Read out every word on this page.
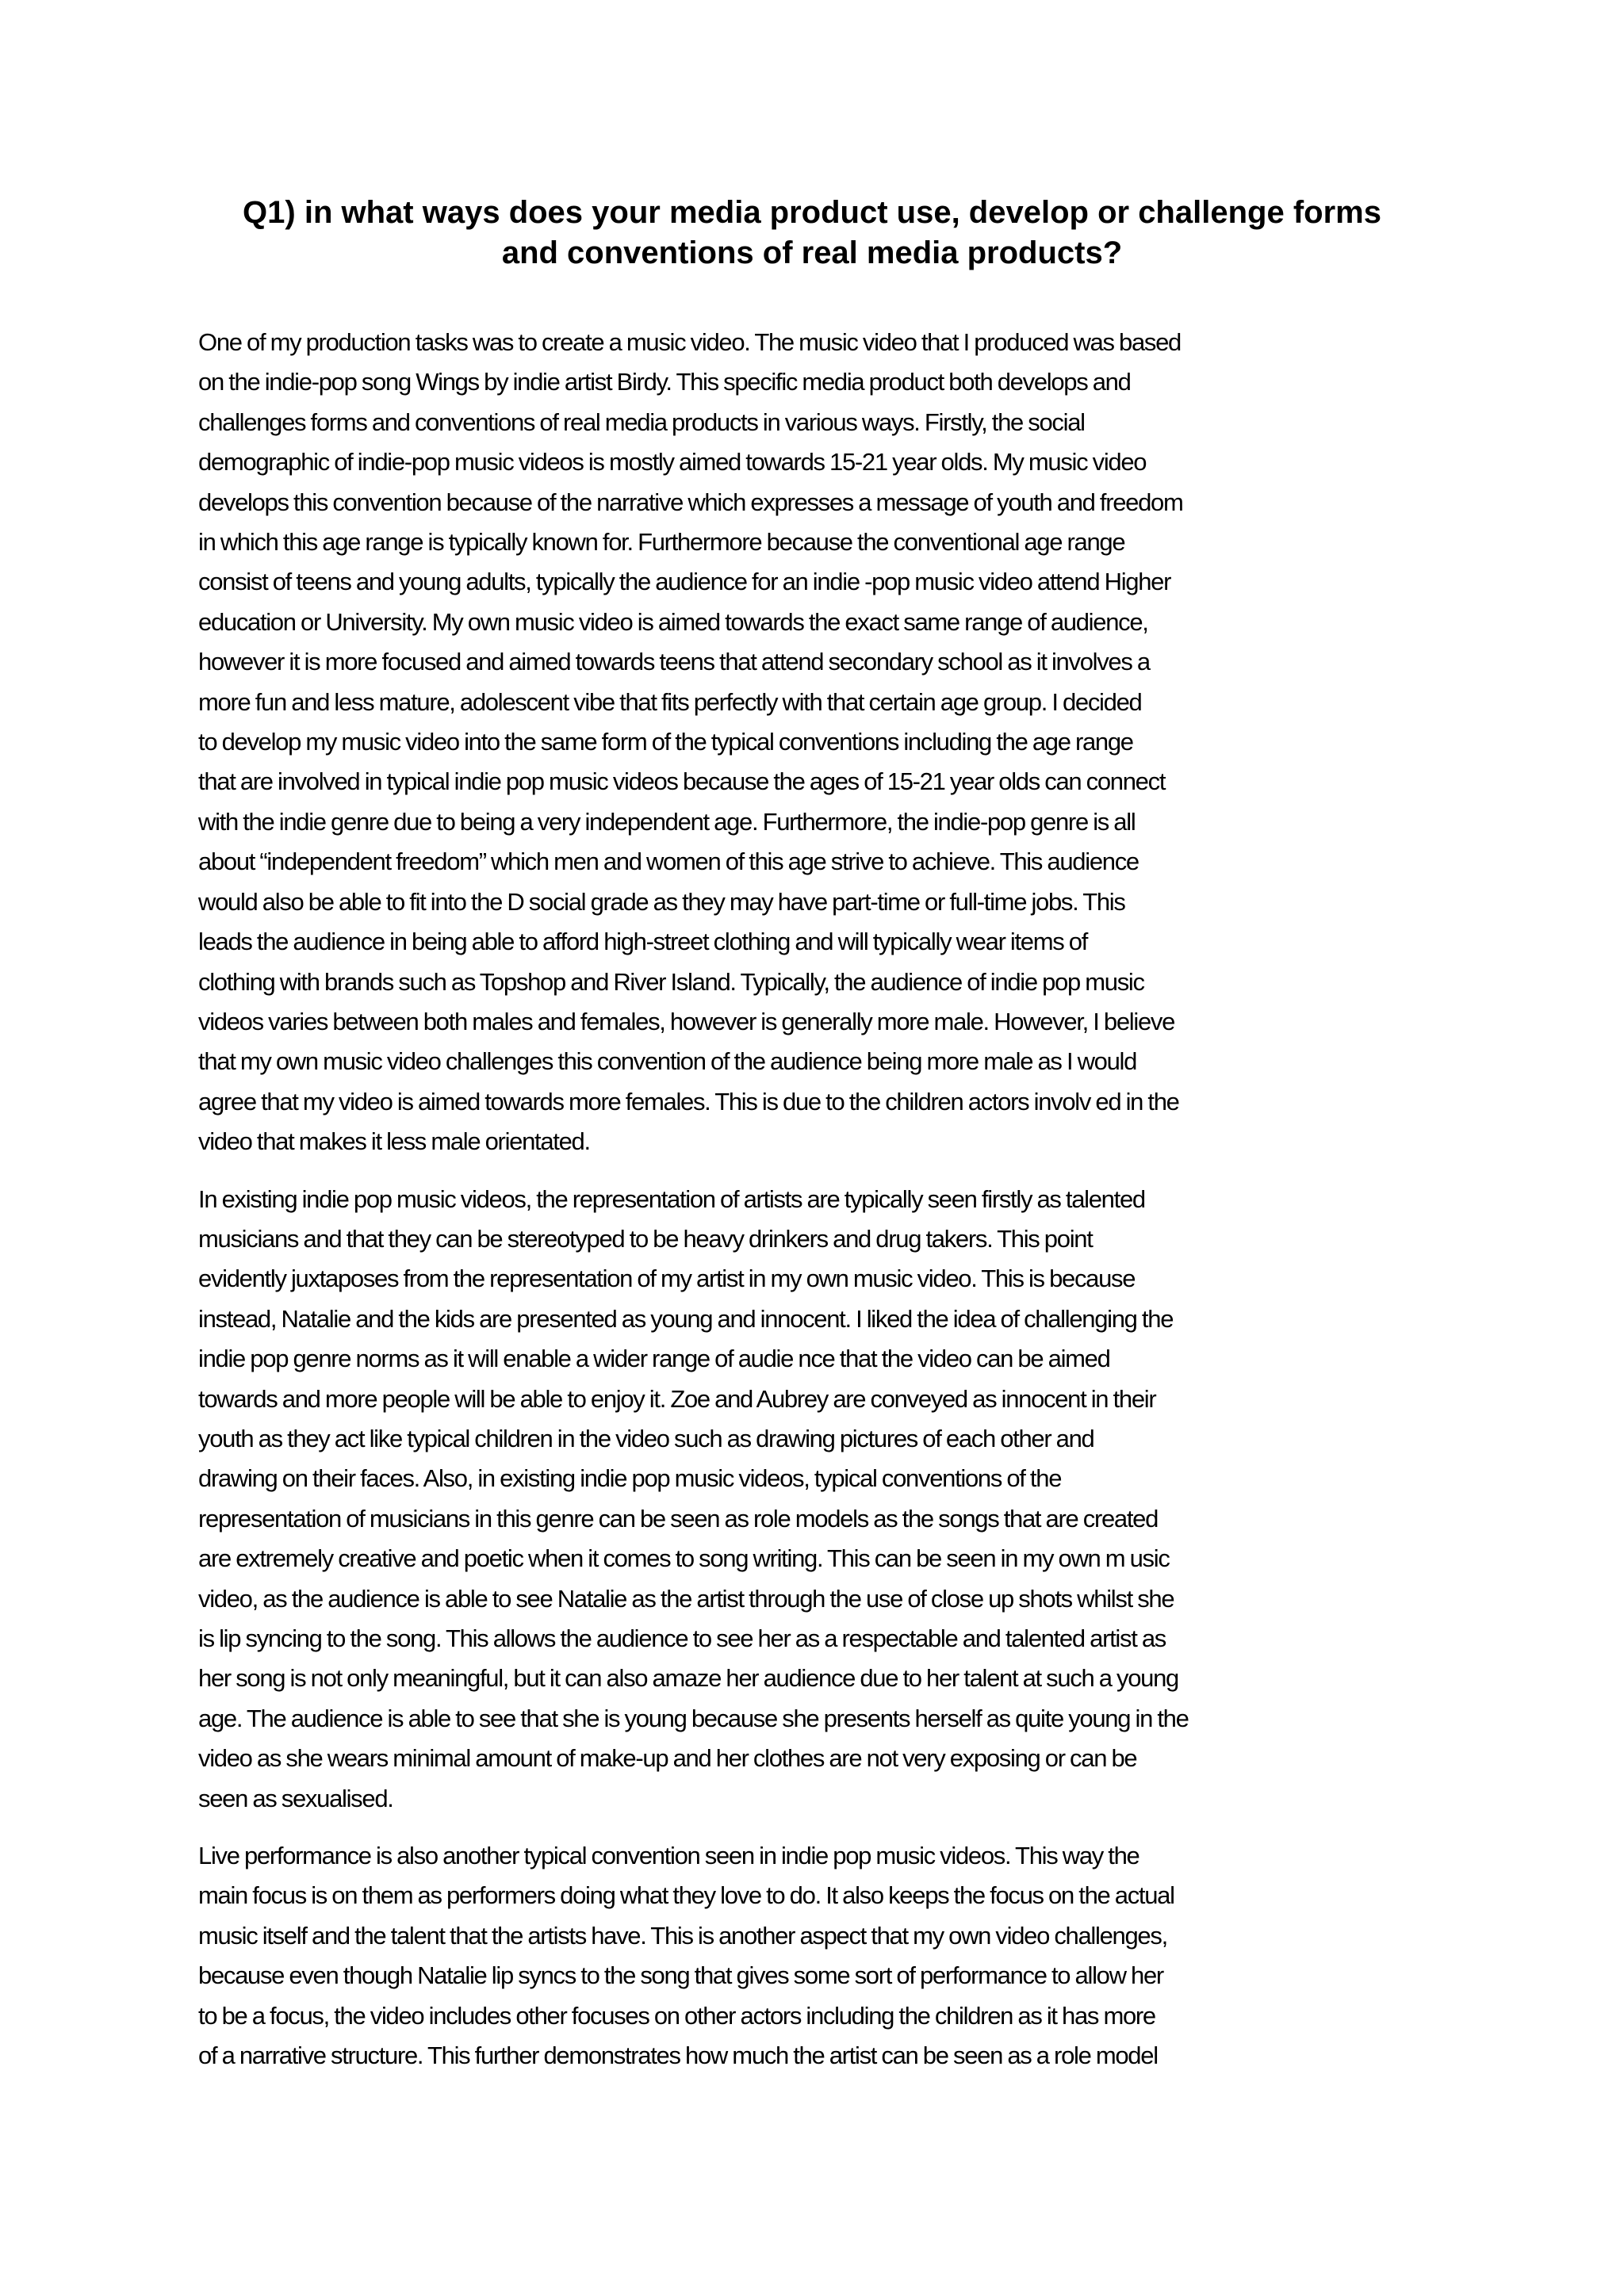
Q1) in what ways does your media product use, develop or challenge forms
and conventions of real media products?

One of my production tasks was to create a music video. The music video that I produced was based
on the indie-pop song Wings by indie artist Birdy. This specific media product both develops and
challenges forms and conventions of real media products in various ways. Firstly, the social
demographic of indie-pop music videos is mostly aimed towards 15-21 year olds. My music video
develops this convention because of the narrative which expresses a message of youth and freedom
in which this age range is typically known for. Furthermore because the conventional age range
consist of teens and young adults, typically the audience for an indie -pop music video attend Higher
education or University. My own music video is aimed towards the exact same range of audience,
however it is more focused and aimed towards teens that attend secondary school as it involves a
more fun and less mature, adolescent vibe that fits perfectly with that certain age group. I decided
to develop my music video into the same form of the typical conventions including the age range
that are involved in typical indie pop music videos because the ages of 15-21 year olds can connect
with the indie genre due to being a very independent age. Furthermore, the indie-pop genre is all
about “independent freedom” which men and women of this age strive to achieve. This audience
would also be able to fit into the D social grade as they may have part-time or full-time jobs. This
leads the audience in being able to afford high-street clothing and will typically wear items of
clothing with brands such as Topshop and River Island. Typically, the audience of indie pop music
videos varies between both males and females, however is generally more male. However, I believe
that my own music video challenges this convention of the audience being more male as I would
agree that my video is aimed towards more females. This is due to the children actors involv ed in the
video that makes it less male orientated.

In existing indie pop music videos, the representation of artists are typically seen firstly as talented
musicians and that they can be stereotyped to be heavy drinkers and drug takers. This point
evidently juxtaposes from the representation of my artist in my own music video. This is because
instead, Natalie and the kids are presented as young and innocent. I liked the idea of challenging the
indie pop genre norms as it will enable a wider range of audie nce that the video can be aimed
towards and more people will be able to enjoy it. Zoe and Aubrey are conveyed as innocent in their
youth as they act like typical children in the video such as drawing pictures of each other and
drawing on their faces. Also, in existing indie pop music videos, typical conventions of the
representation of musicians in this genre can be seen as role models as the songs that are created
are extremely creative and poetic when it comes to song writing. This can be seen in my own m usic
video, as the audience is able to see Natalie as the artist through the use of close up shots whilst she
is lip syncing to the song. This allows the audience to see her as a respectable and talented artist as
her song is not only meaningful, but it can also amaze her audience due to her talent at such a young
age. The audience is able to see that she is young because she presents herself as quite young in the
video as she wears minimal amount of make-up and her clothes are not very exposing or can be
seen as sexualised.

Live performance is also another typical convention seen in indie pop music videos. This way the
main focus is on them as performers doing what they love to do. It also keeps the focus on the actual
music itself and the talent that the artists have. This is another aspect that my own video challenges,
because even though Natalie lip syncs to the song that gives some sort of performance to allow her
to be a focus, the video includes other focuses on other actors including the children as it has more
of a narrative structure. This further demonstrates how much the artist can be seen as a role model
